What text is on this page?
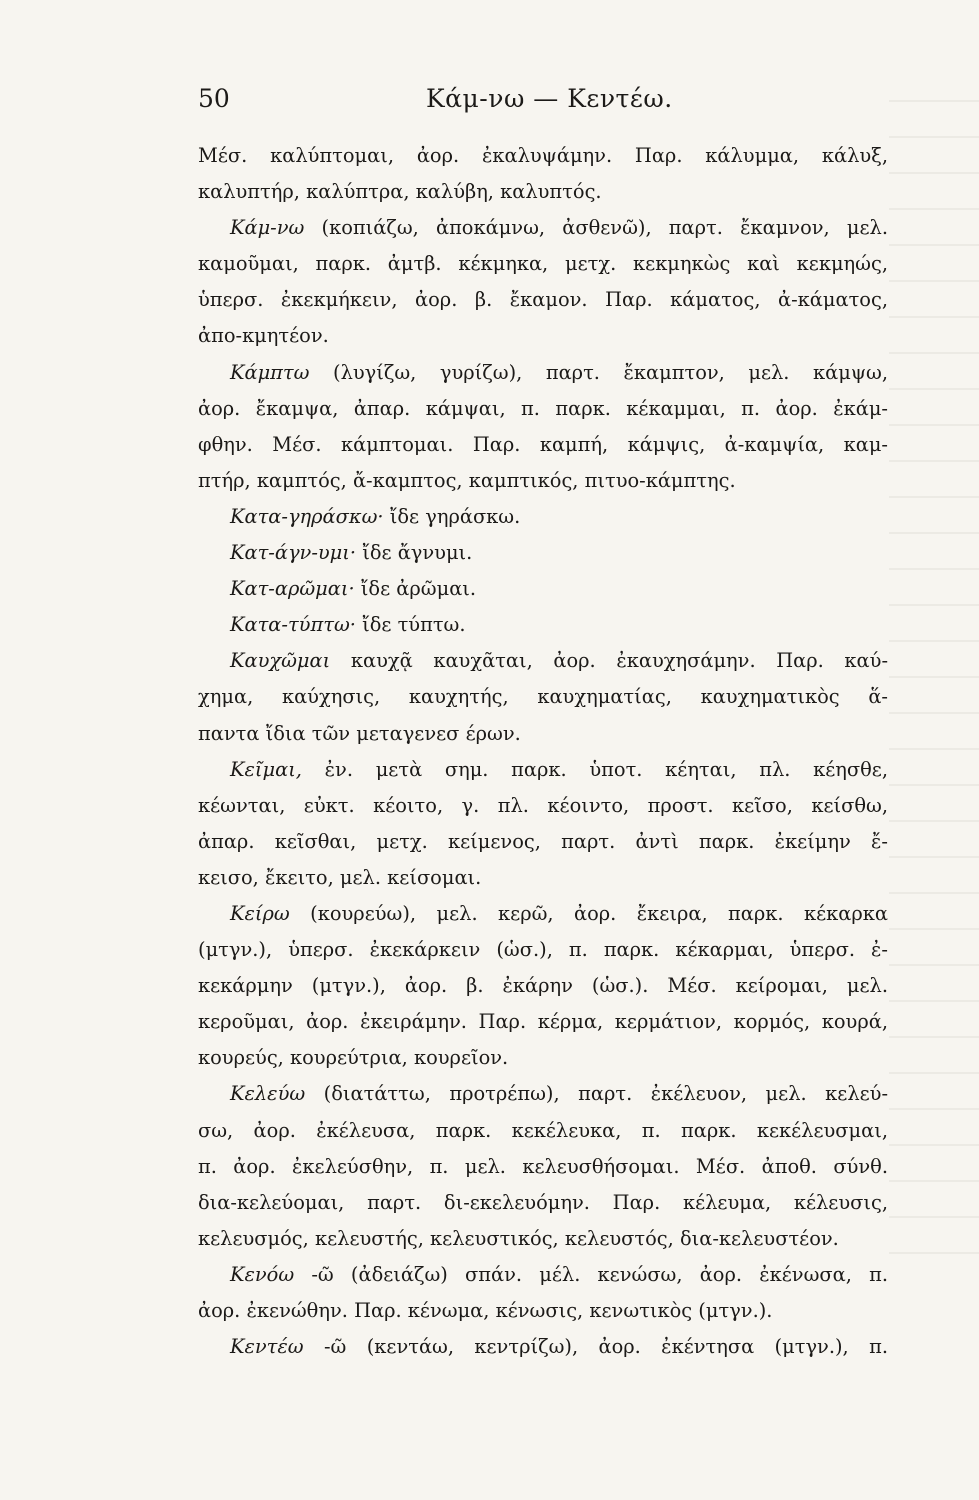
50	Κάμ-νω — Κεντέω.
Μέσ. καλύπτομαι, ἀορ. ἐκαλυψάμην. Παρ. κάλυμμα, κάλυξ,
καλυπτήρ, καλύπτρα, καλύβη, καλυπτός.
Κάμ-νω (κοπιάζω, ἀποκάμνω, ἀσθενῶ), παρτ. ἔκαμνον, μελ.
καμοῦμαι, παρκ. ἀμτβ. κέκμηκα, μετχ. κεκμηκὼς καὶ κεκμηώς,
ὑπερσ. ἐκεκμήκειν, ἀορ. β. ἔκαμον. Παρ. κάματος, ἀ-κάματος,
ἀπο-κμητέον.
Κάμπτω (λυγίζω, γυρίζω), παρτ. ἔκαμπτον, μελ. κάμψω,
ἀορ. ἔκαμψα, ἀπαρ. κάμψαι, π. παρκ. κέκαμμαι, π. ἀορ. ἐκάμ-
φθην. Μέσ. κάμπτομαι. Παρ. καμπή, κάμψις, ἀ-καμψία, καμ-
πτήρ, καμπτός, ἄ-καμπτος, καμπτικός, πιτυο-κάμπτης.
Κατα-γηράσκω· ἴδε γηράσκω.
Κατ-άγν-υμι· ἴδε ἄγνυμι.
Κατ-αρῶμαι· ἴδε ἀρῶμαι.
Κατα-τύπτω· ἴδε τύπτω.
Καυχῶμαι καυχᾷ καυχᾶται, ἀορ. ἐκαυχησάμην. Παρ. καύ-
χημα, καύχησις, καυχητής, καυχηματίας, καυχηματικὸς ἅ-
παντα ἴδια τῶν μεταγενεσ έρων.
Κεῖμαι, ἐν. μετὰ σημ. παρκ. ὑποτ. κέηται, πλ. κέησθε,
κέωνται, εὐκτ. κέοιτο, γ. πλ. κέοιντο, προστ. κεῖσο, κείσθω,
ἀπαρ. κεῖσθαι, μετχ. κείμενος, παρτ. ἀντὶ παρκ. ἐκείμην ἔ-
κεισο, ἔκειτο, μελ. κείσομαι.
Κείρω (κουρεύω), μελ. κερῶ, ἀορ. ἔκειρα, παρκ. κέκαρκα
(μτγν.), ὑπερσ. ἐκεκάρκειν (ὡσ.), π. παρκ. κέκαρμαι, ὑπερσ. ἐ-
κεκάρμην (μτγν.), ἀορ. β. ἐκάρην (ὡσ.). Μέσ. κείρομαι, μελ.
κεροῦμαι, ἀορ. ἐκειράμην. Παρ. κέρμα, κερμάτιον, κορμός, κουρά,
κουρεύς, κουρεύτρια, κουρεῖον.
Κελεύω (διατάττω, προτρέπω), παρτ. ἐκέλευον, μελ. κελεύ-
σω, ἀορ. ἐκέλευσα, παρκ. κεκέλευκα, π. παρκ. κεκέλευσμαι,
π. ἀορ. ἐκελεύσθην, π. μελ. κελευσθήσομαι. Μέσ. ἀποθ. σύνθ.
δια-κελεύομαι, παρτ. δι-εκελευόμην. Παρ. κέλευμα, κέλευσις,
κελευσμός, κελευστής, κελευστικός, κελευστός, δια-κελευστέον.
Κενόω -ῶ (ἀδειάζω) σπάν. μέλ. κενώσω, ἀορ. ἐκένωσα, π.
ἀορ. ἐκενώθην. Παρ. κένωμα, κένωσις, κενωτικὸς (μτγν.).
Κεντέω -ῶ (κεντάω, κεντρίζω), ἀορ. ἐκέντησα (μτγν.), π.
